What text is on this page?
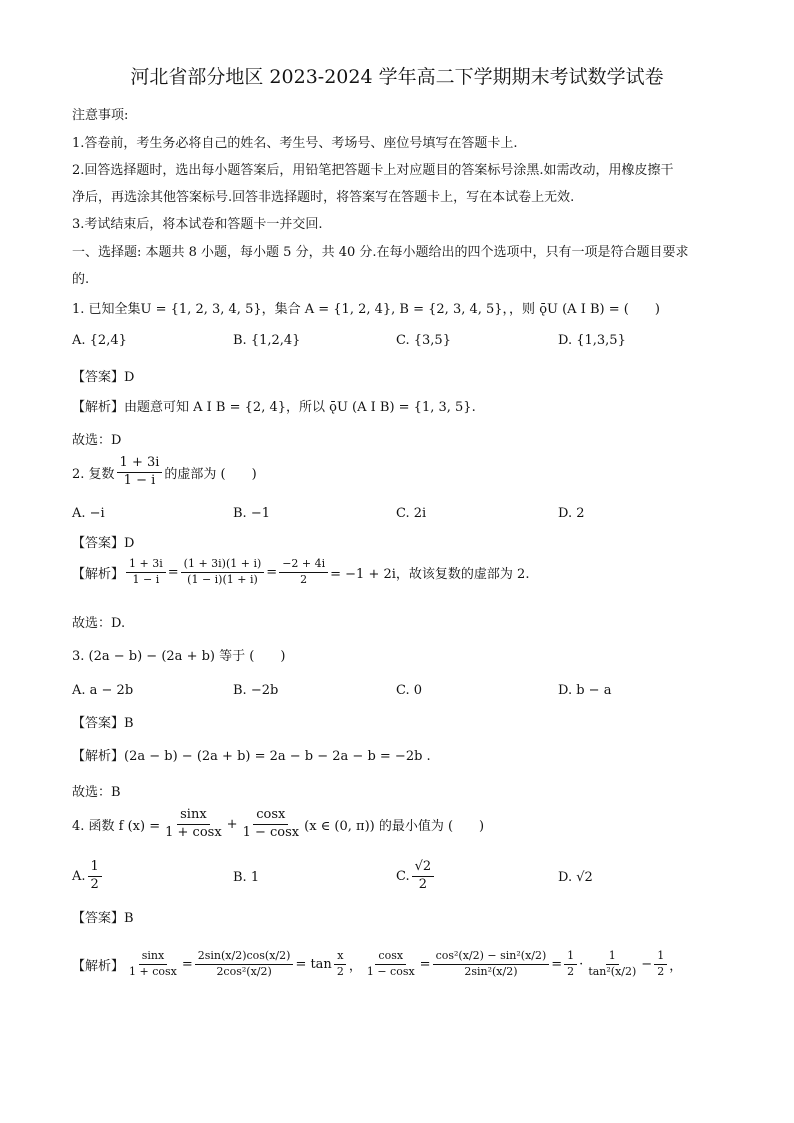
河北省部分地区 2023-2024 学年高二下学期期末考试数学试卷
注意事项:
1.答卷前，考生务必将自己的姓名、考生号、考场号、座位号填写在答题卡上.
2.回答选择题时，选出每小题答案后，用铅笔把答题卡上对应题目的答案标号涂黑.如需改动，用橡皮擦干
净后，再选涂其他答案标号.回答非选择题时，将答案写在答题卡上，写在本试卷上无效.
3.考试结束后，将本试卷和答题卡一并交回.
一、选择题: 本题共 8 小题，每小题 5 分，共 40 分.在每小题给出的四个选项中，只有一项是符合题目要求
的.
1. 已知全集U = {1, 2, 3, 4, 5}，集合 A = {1, 2, 4}, B = {2, 3, 4, 5}，，则 ǭU (A I B) = (　　)
A. {2,4}	B. {1,2,4}	C. {3,5}	D. {1,3,5}
【答案】D
【解析】由题意可知 A I B = {2, 4}，所以 ǭU (A I B) = {1, 3, 5}.
故选：D
2. 复数 $\frac{1 + 3i}{1 - i}$ 的虚部为 (　　)
A. −i	B. −1	C. 2i	D. 2
【答案】D
【解析】 $\frac{1 + 3i}{1 - i} = \frac{(1 + 3i)(1 + i)}{(1 - i)(1 + i)} = \frac{-2 + 4i}{2} = -1 + 2i$，故该复数的虚部为 2.
故选：D.
3. (2a − b) − (2a + b) 等于 (　　)
A. a − 2b	B. −2b	C. 0	D. b − a
【答案】B
【解析】(2a − b) − (2a + b) = 2a − b − 2a − b = −2b .
故选：B
4. 函数 f $(x) = \frac{\sin x}{1 + \cos x} + \frac{\cos x}{1 - \cos x} (x$ ∈ (0, π)) 的最小值为 (　　)
A. $\frac{1}{2}$	B. 1	C. $\frac{√2}{2}$	D. √2
【答案】B
【解析】 $\frac{\sin x}{1 + \cos x} = \frac{2\sin(x/2)\cos(x/2)}{\text{2cos²(x/2)}} = \tan \frac{x}{2}$ ， $\frac{\cos x}{1 - \cos x} = \frac{\text{cos²(x/2) − sin²(x/2)}}{\text{2sin²(x/2)}} = \frac{1}{2} \cdot \frac{1}{\text{tan²(x/2)}} - \frac{1}{2}$ ，
